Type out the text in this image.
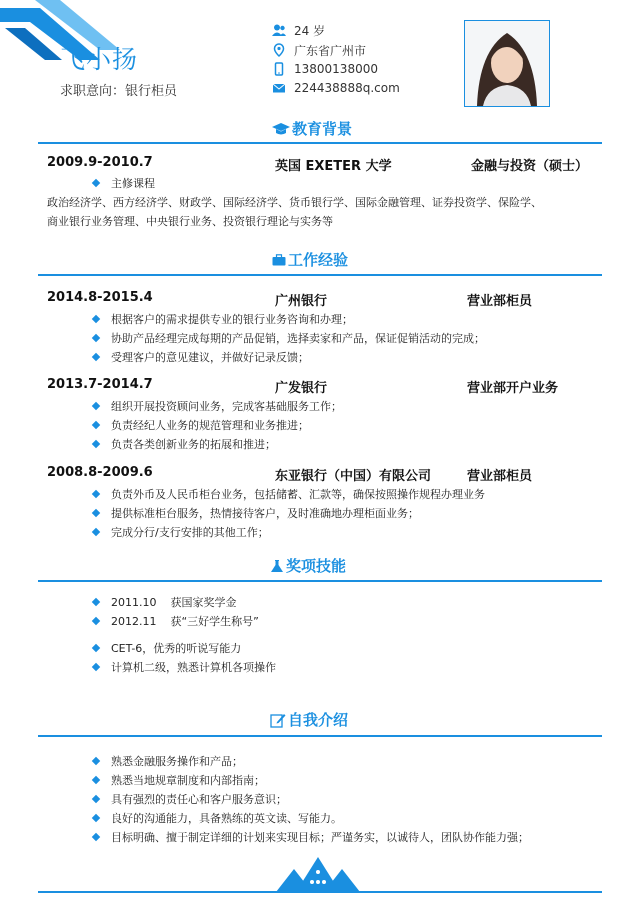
飞小扬
求职意向：银行柜员
24 岁
广东省广州市
13800138000
224438888q.com
教育背景
2009.9-2010.7	英国 EXETER 大学	金融与投资（硕士）
主修课程
政治经济学、西方经济学、财政学、国际经济学、货币银行学、国际金融管理、证券投资学、保险学、
商业银行业务管理、中央银行业务、投资银行理论与实务等
工作经验
2014.8-2015.4	广州银行	营业部柜员
根据客户的需求提供专业的银行业务咨询和办理；
协助产品经理完成每期的产品促销，选择卖家和产品，保证促销活动的完成；
受理客户的意见建议，并做好记录反馈；
2013.7-2014.7	广发银行	营业部开户业务
组织开展投资顾问业务，完成客基础服务工作；
负责经纪人业务的规范管理和业务推进；
负责各类创新业务的拓展和推进；
2008.8-2009.6	东亚银行（中国）有限公司	营业部柜员
负责外币及人民币柜台业务，包括储蓄、汇款等，确保按照操作规程办理业务
提供标准柜台服务，热情接待客户，及时准确地办理柜面业务；
完成分行/支行安排的其他工作；
奖项技能
2011.10    获国家奖学金
2012.11    获“三好学生称号”
CET-6，优秀的听说写能力
计算机二级，熟悉计算机各项操作
自我介绍
熟悉金融服务操作和产品；
熟悉当地规章制度和内部指南；
具有强烈的责任心和客户服务意识；
良好的沟通能力，具备熟练的英文读、写能力。
目标明确、擅于制定详细的计划来实现目标；严谨务实，以诚待人，团队协作能力强；
